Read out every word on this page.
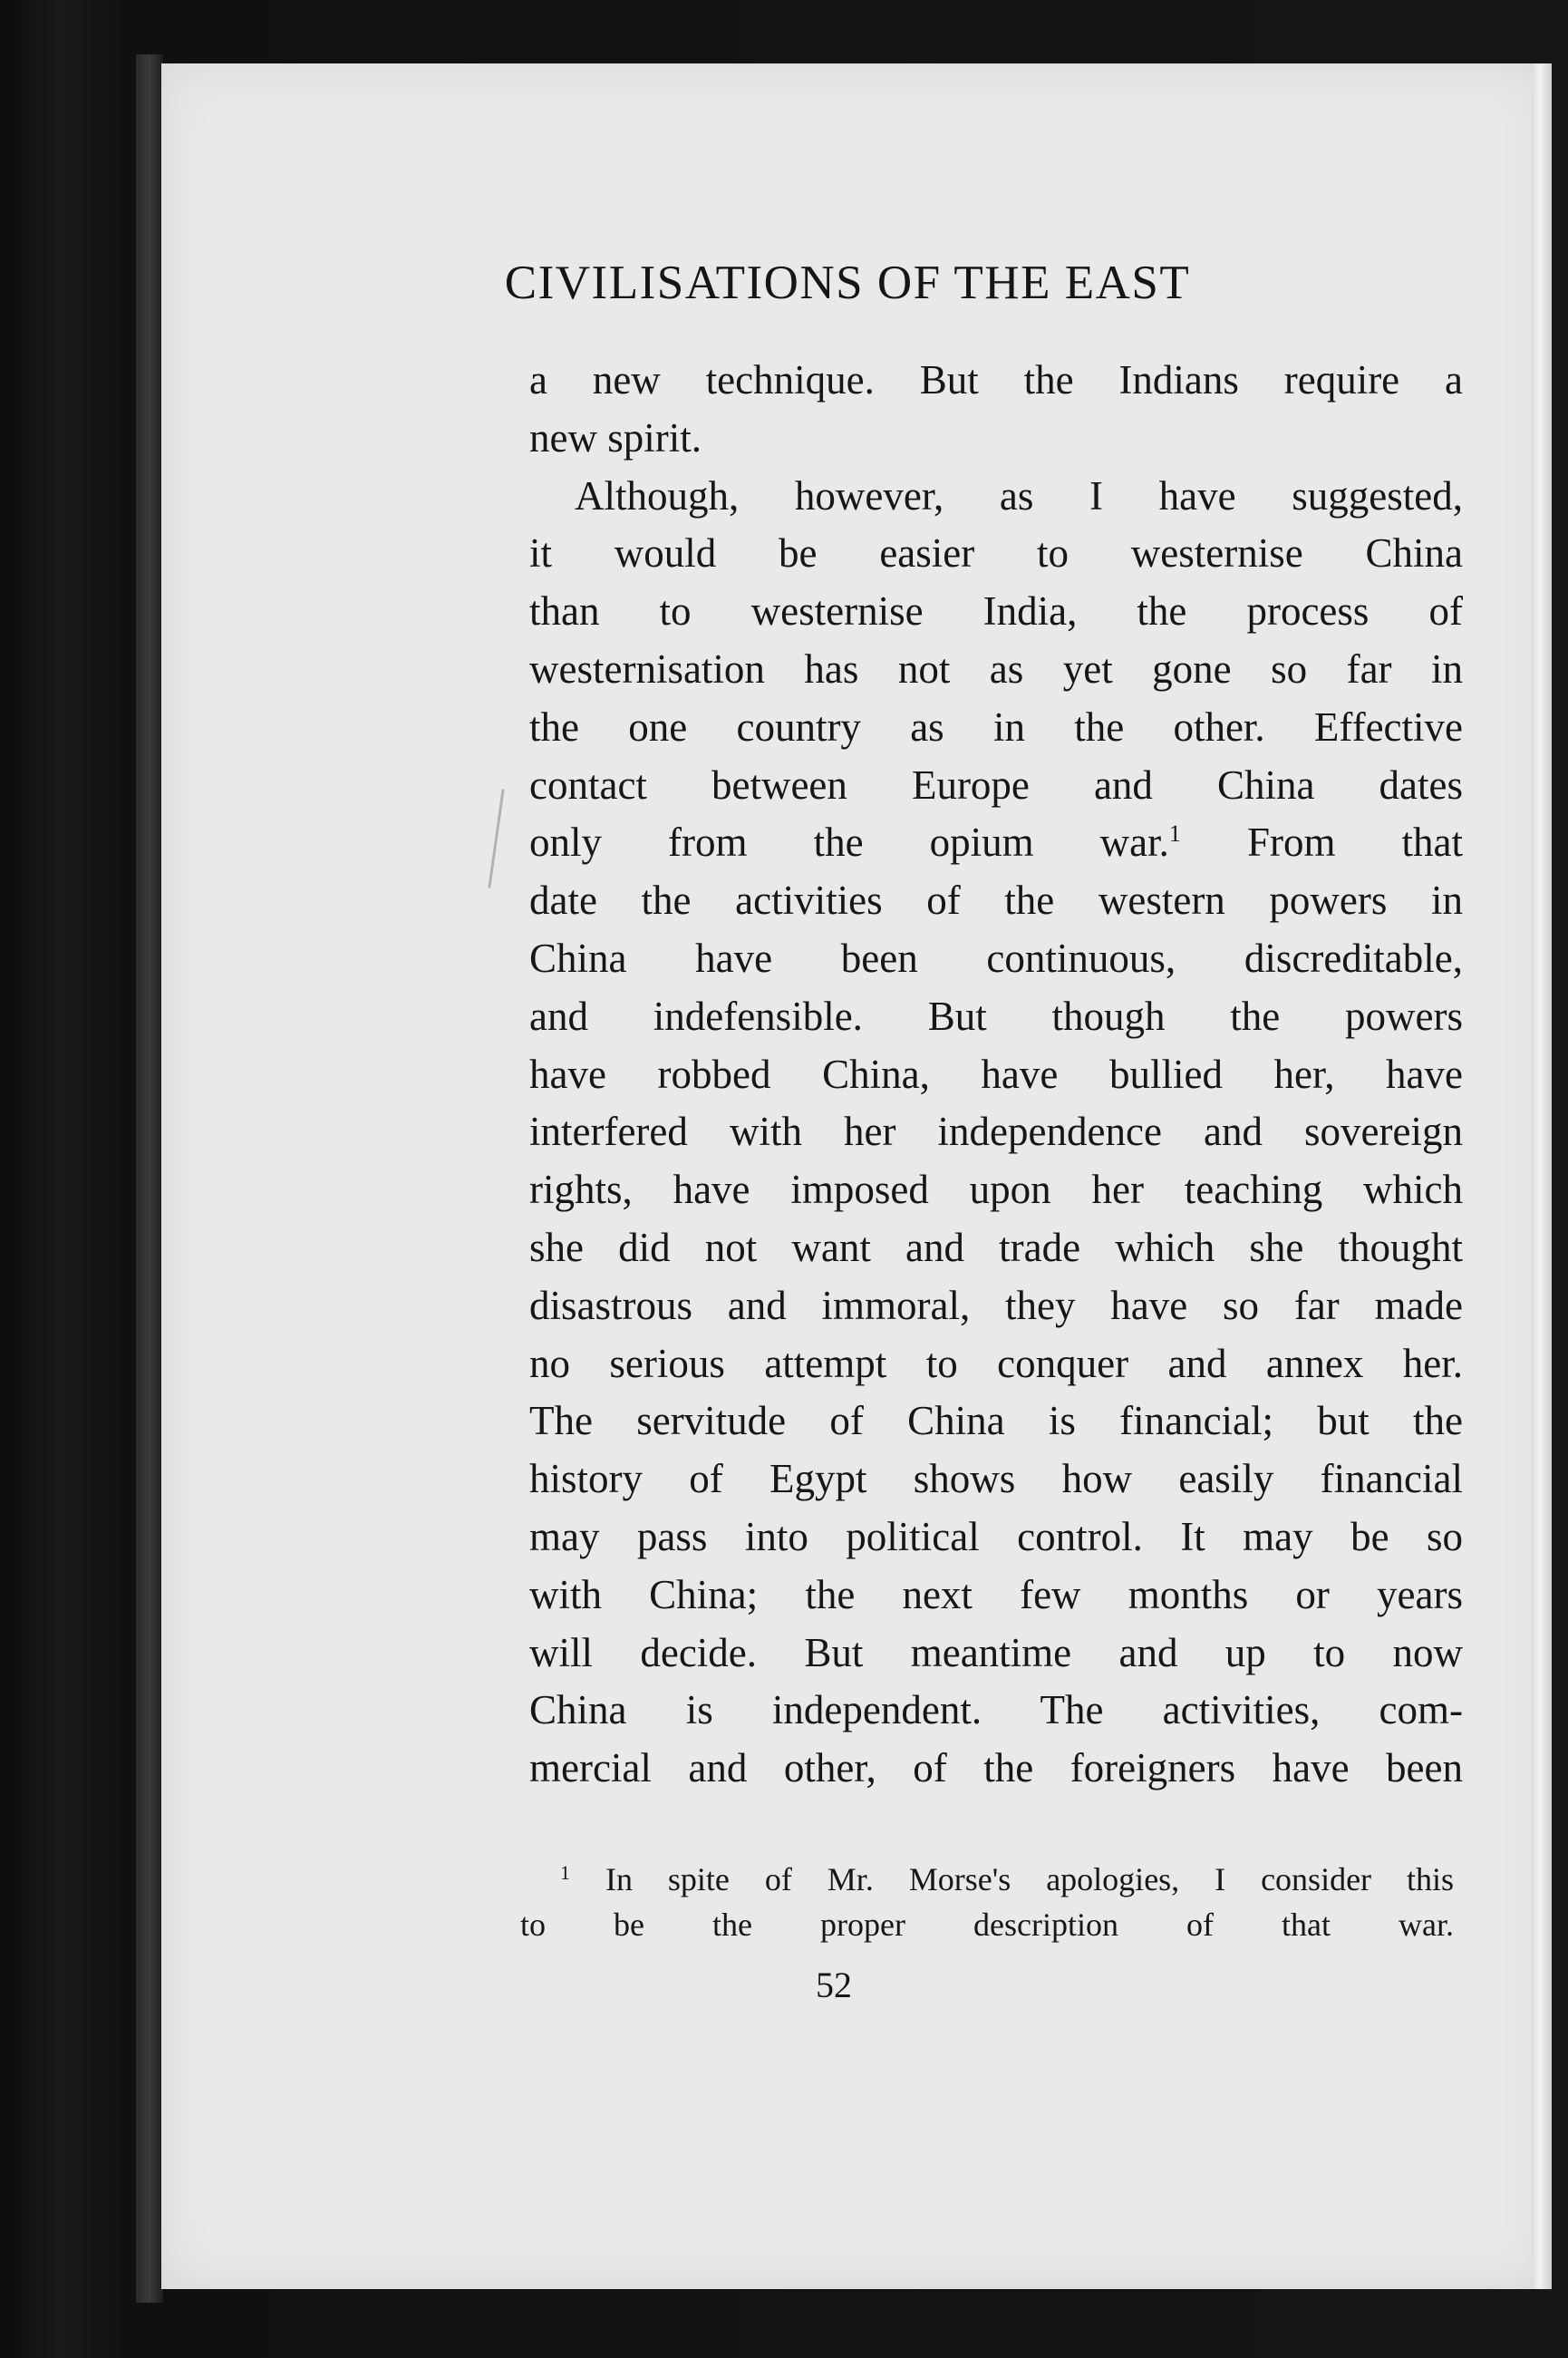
CIVILISATIONS OF THE EAST
a new technique. But the Indians require a
new spirit.
Although, however, as I have suggested,
it would be easier to westernise China
than to westernise India, the process of
westernisation has not as yet gone so far in
the one country as in the other. Effective
contact between Europe and China dates
only from the opium war.$^1$ From that
date the activities of the western powers in
China have been continuous, discreditable,
and indefensible. But though the powers
have robbed China, have bullied her, have
interfered with her independence and sovereign
rights, have imposed upon her teaching which
she did not want and trade which she thought
disastrous and immoral, they have so far made
no serious attempt to conquer and annex her.
The servitude of China is financial; but the
history of Egypt shows how easily financial
may pass into political control. It may be so
with China; the next few months or years
will decide. But meantime and up to now
China is independent. The activities, com-
mercial and other, of the foreigners have been
$^1$ In spite of Mr. Morse's apologies, I consider this
to be the proper description of that war.
52
